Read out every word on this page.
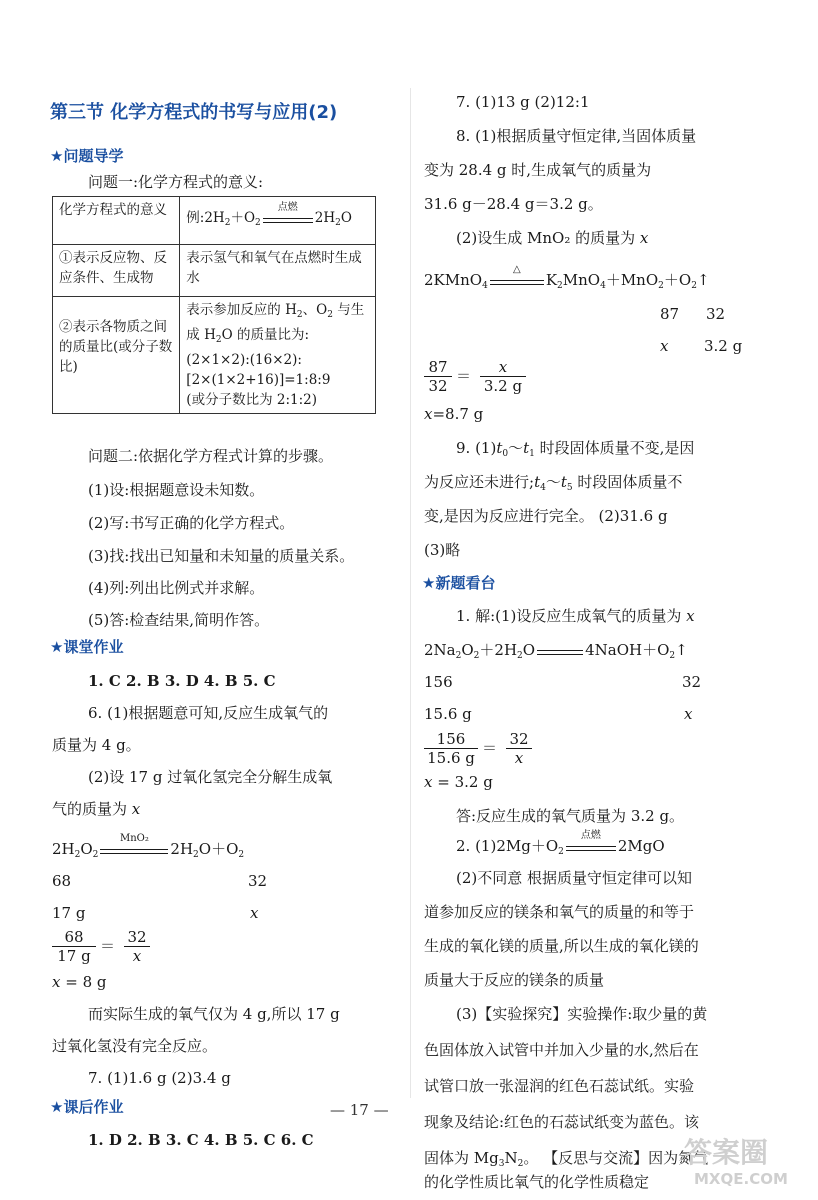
第三节 化学方程式的书写与应用(2)
★问题导学
问题一:化学方程式的意义:
化学方程式的意义	例$:2H_2+O_2$
点燃
$2H_2O$
①表示反应物、反应条件、生成物	表示氢气和氧气在点燃时生成水
②表示各物质之间的质量比(或分子数比)	表示参加反应的 $H_2$、$O_2$ 与生成 $H_2O$ 的质量比为:
(2×1×2):(16×2):[2×(1×2+16)]=1:8:9
(或分子数比为 2:1:2)
问题二:依据化学方程式计算的步骤。
(1)设:根据题意设未知数。
(2)写:书写正确的化学方程式。
(3)找:找出已知量和未知量的质量关系。
(4)列:列出比例式并求解。
(5)答:检查结果,简明作答。
★课堂作业
1. C 2. B 3. D 4. B 5. C
6. (1)根据题意可知,反应生成氧气的
质量为 4 g。
(2)设 17 g 过氧化氢完全分解生成氧
气的质量为 x
$2H_2O_2$
MnO₂
$2H_2O+O_2$
68	32
17 g	x
$\frac{68}{17 g} = \frac{32}{x}$
x = 8 g
而实际生成的氧气仅为 4 g,所以 17 g
过氧化氢没有完全反应。
7. (1)1.6 g (2)3.4 g
★课后作业
1. D 2. B 3. C 4. B 5. C 6. C
7. (1)13 g (2)12:1
8. (1)根据质量守恒定律,当固体质量
变为 28.4 g 时,生成氧气的质量为
31.6 g－28.4 g＝3.2 g。
(2)设生成 MnO₂ 的质量为 x
2KMnO$_4$
△
$K_2MnO_4+MnO_2+O_2↑$
87 32
x 3.2 g
$\frac{87}{32} = \frac{x}{3.2 g}$
x=8.7 g
9. $(1)t_0\sim t_1$ 时段固体质量不变,是因
为反应还未进行$;t_4\sim t_5$ 时段固体质量不
变,是因为反应进行完全。 (2)31.6 g
(3)略
★新题看台
1. 解:(1)设反应生成氧气的质量为 x
$2Na_2O_2+2H_2O$	$4NaOH+O_2↑$
156	32
15.6 g	x
$\frac{156}{15.6 g} = \frac{32}{x}$
x = 3.2 g
答:反应生成的氧气质量为 3.2 g。
2. $(1)2Mg+O_2$
点燃
2MgO
(2)不同意 根据质量守恒定律可以知
道参加反应的镁条和氧气的质量的和等于
生成的氧化镁的质量,所以生成的氧化镁的
质量大于反应的镁条的质量
(3)【实验探究】实验操作:取少量的黄
色固体放入试管中并加入少量的水,然后在
试管口放一张湿润的红色石蕊试纸。实验
现象及结论:红色的石蕊试纸变为蓝色。该
固体为 $Mg_3N_2$。 【反思与交流】因为氮气
的化学性质比氧气的化学性质稳定
— 17 —
答案圈
MXQE.COM
